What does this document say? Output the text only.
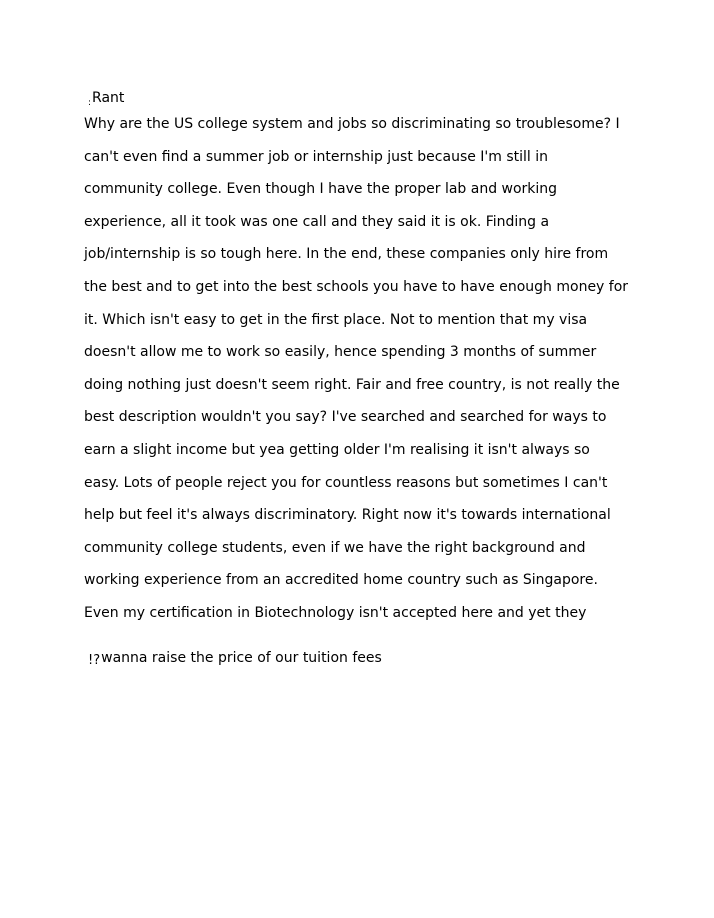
$_:$Rant
Why are the US college system and jobs so discriminating so troublesome? I
can't even find a summer job or internship just because I'm still in
community college. Even though I have the proper lab and working
experience, all it took was one call and they said it is ok. Finding a
job/internship is so tough here. In the end, these companies only hire from
the best and to get into the best schools you have to have enough money for
it. Which isn't easy to get in the first place. Not to mention that my visa
doesn't allow me to work so easily, hence spending 3 months of summer
doing nothing just doesn't seem right. Fair and free country, is not really the
best description wouldn't you say? I've searched and searched for ways to
earn a slight income but yea getting older I'm realising it isn't always so
easy. Lots of people reject you for countless reasons but sometimes I can't
help but feel it's always discriminatory. Right now it's towards international
community college students, even if we have the right background and
working experience from an accredited home country such as Singapore.
Even my certification in Biotechnology isn't accepted here and yet they
!?wanna raise the price of our tuition fees
